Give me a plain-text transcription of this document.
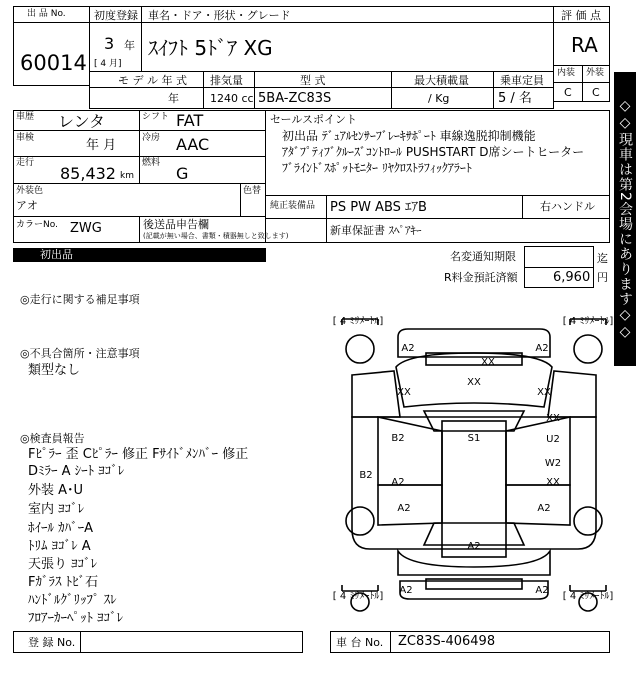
出 品 No.
60014
初度登録
3 年
[ 4 月]
車名・ドア・形状・グレード
ｽｲﾌﾄ 5ﾄﾞｱ XG
評 価 点
RA
内装 外装
C C
モ デ ル 年 式
年
排気量
1240 cc
型 式
5BA-ZC83S
最大積載量
/ Kg
乗車定員
5 / 名
車歴 レンタ	シフト FAT
車検	年 月	冷房 AAC
走行
85,432 km
燃料
G
外装色
アオ
色替
カラーNo. ZWG	後送品申告欄
(記載が無い場合、書類・積器無しと致します)
セールスポイント
初出品 ﾃﾞｭｱﾙｾﾝｻｰﾌﾞﾚｰｷｻﾎﾟｰﾄ 車線逸脱抑制機能
ｱﾀﾞﾌﾟﾃｨﾌﾞｸﾙｰｽﾞｺﾝﾄﾛｰﾙ PUSHSTART D席シートヒーター
ﾌﾞﾗｲﾝﾄﾞｽﾎﾟｯﾄﾓﾆﾀｰ ﾘﾔｸﾛｽﾄﾗﾌｨｯｸｱﾗｰﾄ
純正装備品 PS PW ABS ｴｱB	右ハンドル
新車保証書 ｽﾍﾟｱｷｰ	◇◇現車は第2会場にあります◇◇
初出品	名変通知期限	迄
R料金預託済額	6,960 円
◎走行に関する補足事項
◎不具合箇所・注意事項
類型なし
◎検査員報告
Fﾋﾟﾗｰ 歪 Cﾋﾟﾗｰ 修正 Fｻｲﾄﾞﾒﾝﾊﾞｰ 修正
Dﾐﾗｰ A ｼｰﾄ ﾖｺﾞﾚ
外装 A･U
室内 ﾖｺﾞﾚ
ﾎｲｰﾙ ｶﾊﾞｰA
ﾄﾘﾑ ﾖｺﾞﾚ A
天張り ﾖｺﾞﾚ
Fｶﾞﾗｽ ﾄﾋﾞ石
ﾊﾝﾄﾞﾙｸﾞﾘｯﾌﾟ ｽﾚ
ﾌﾛｱｰｶｰﾍﾟｯﾄ ﾖｺﾞﾚ
[ 4 ﾐﾘﾒｰﾄﾙ]	[ 4 ﾐﾘﾒｰﾄﾙ]
[ 4 ﾐﾘﾒｰﾄﾙ]	[ 4 ﾐﾘﾒｰﾄﾙ]
A2	A2
XX
XX
XX	XX
XX
U2
W2
XX
B2	S1
B2
A2
A2	A2
A2
A2	A2
登 録 No.	車 台 No. ZC83S-406498
